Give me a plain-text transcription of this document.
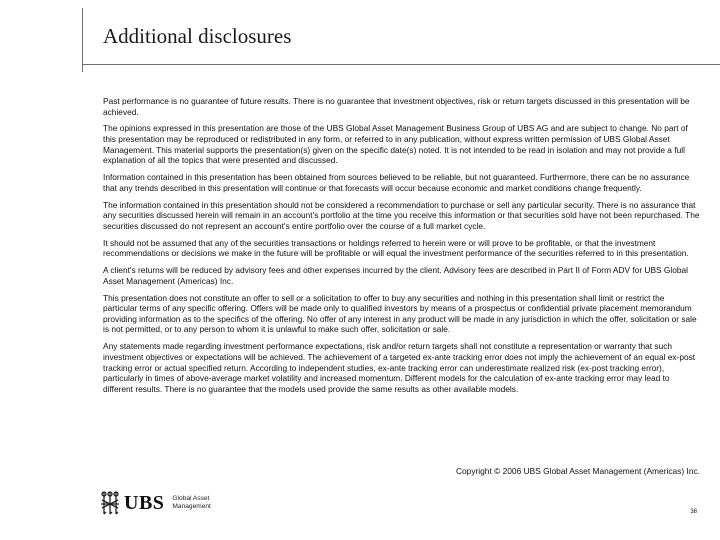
Additional disclosures

Past performance is no guarantee of future results. There is no guarantee that investment objectives, risk or return targets discussed in this presentation will be achieved.

The opinions expressed in this presentation are those of the UBS Global Asset Management Business Group of UBS AG and are subject to change. No part of this presentation may be reproduced or redistributed in any form, or referred to in any publication, without express written permission of UBS Global Asset Management. This material supports the presentation(s) given on the specific date(s) noted. It is not intended to be read in isolation and may not provide a full explanation of all the topics that were presented and discussed.

Information contained in this presentation has been obtained from sources believed to be reliable, but not guaranteed. Furthermore, there can be no assurance that any trends described in this presentation will continue or that forecasts will occur because economic and market conditions change frequently.

The information contained in this presentation should not be considered a recommendation to purchase or sell any particular security. There is no assurance that any securities discussed herein will remain in an account's portfolio at the time you receive this information or that securities sold have not been repurchased. The securities discussed do not represent an account's entire portfolio over the course of a full market cycle.

It should not be assumed that any of the securities transactions or holdings referred to herein were or will prove to be profitable, or that the investment recommendations or decisions we make in the future will be profitable or will equal the investment performance of the securities referred to in this presentation.

A client's returns will be reduced by advisory fees and other expenses incurred by the client. Advisory fees are described in Part II of Form ADV for UBS Global Asset Management (Americas) Inc.

This presentation does not constitute an offer to sell or a solicitation to offer to buy any securities and nothing in this presentation shall limit or restrict the particular terms of any specific offering. Offers will be made only to qualified investors by means of a prospectus or confidential private placement memorandum providing information as to the specifics of the offering. No offer of any interest in any product will be made in any jurisdiction in which the offer, solicitation or sale is not permitted, or to any person to whom it is unlawful to make such offer, solicitation or sale.

Any statements made regarding investment performance expectations, risk and/or return targets shall not constitute a representation or warranty that such investment objectives or expectations will be achieved. The achievement of a targeted ex-ante tracking error does not imply the achievement of an equal ex-post tracking error or actual specified return. According to independent studies, ex-ante tracking error can underestimate realized risk (ex-post tracking error), particularly in times of above-average market volatility and increased momentum. Different models for the calculation of ex-ante tracking error may lead to different results. There is no guarantee that the models used provide the same results as other available models.

Copyright © 2006 UBS Global Asset Management (Americas) Inc.
UBS Global Asset
Management
38
